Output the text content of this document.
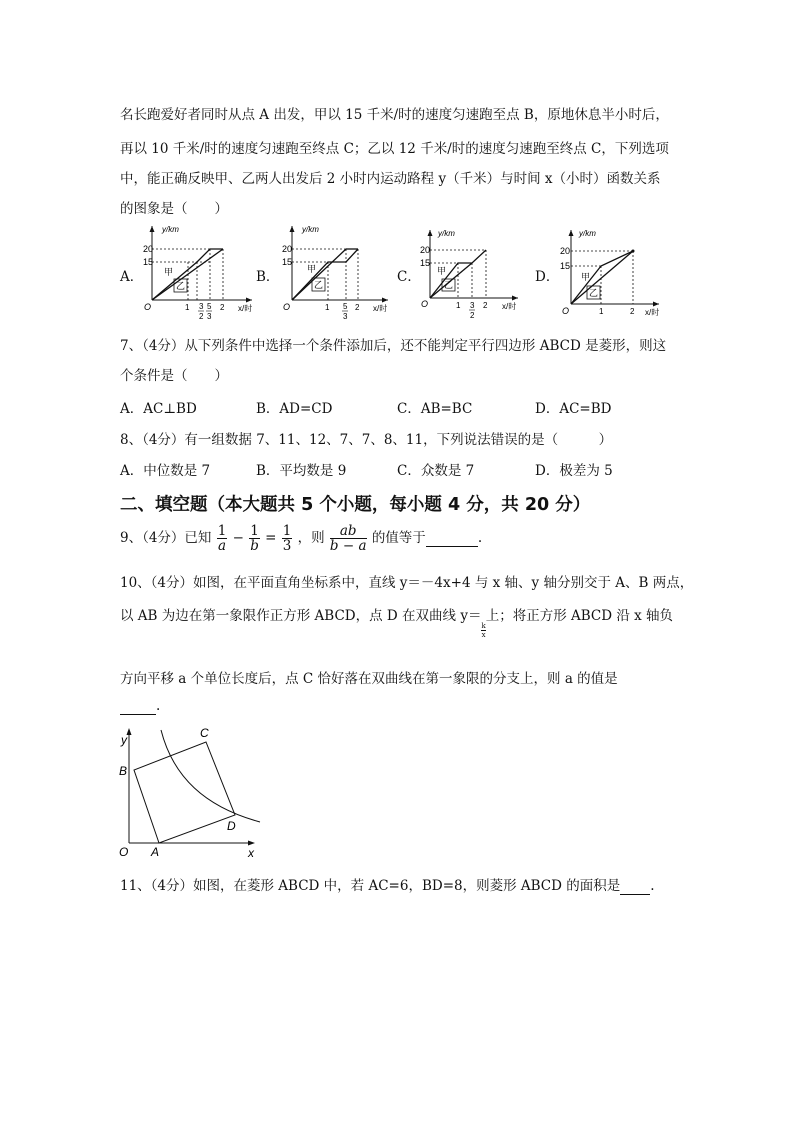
名长跑爱好者同时从点 A 出发，甲以 15 千米/时的速度匀速跑至点 B，原地休息半小时后，
再以 10 千米/时的速度匀速跑至终点 C；乙以 12 千米/时的速度匀速跑至终点 C，下列选项
中，能正确反映甲、乙两人出发后 2 小时内运动路程 y（千米）与时间 x（小时）函数关系
的图象是（　　）
A．	B．	C．	D．
y/km
x/时
20
15
O
甲
乙
1 3
2
5
3
2
y/km
x/时
20
15
O
甲
乙
1 5
3
2
y/km
x/时
20
15
O
甲
乙
1 3
2
2
y/km
x/时
20
15
O
甲
乙
1	2
7、（4分）从下列条件中选择一个条件添加后，还不能判定平行四边形 ABCD 是菱形，则这
个条件是（　　）
A．AC⊥BD	B．AD=CD	C．AB=BC	D．AC=BD
8、（4分）有一组数据 7、11、12、7、7、8、11，下列说法错误的是（　　　）
A．中位数是 7	B．平均数是 9	C．众数是 7	D．极差为 5
二、填空题（本大题共 5 个小题，每小题 4 分，共 20 分）
9、（4分）已知 $\frac{1}{a} - \frac{1}{b} = \frac{1}{3}$ ，则 $\frac{ab}{b - a}$ 的值等于	.
10、（4分）如图，在平面直角坐标系中，直线 y＝－4x+4 与 x 轴、y 轴分别交于 A、B 两点，
以 AB 为边在第一象限作正方形 ABCD，点 D 在双曲线 y＝
$\frac{k}{x}$
上；将正方形 ABCD 沿 x 轴负
方向平移 a 个单位长度后，点 C 恰好落在双曲线在第一象限的分支上，则 a 的值是
.
y
x
O A
B
C
D
11、（4分）如图，在菱形 ABCD 中，若 AC=6，BD=8，则菱形 ABCD 的面积是 .
